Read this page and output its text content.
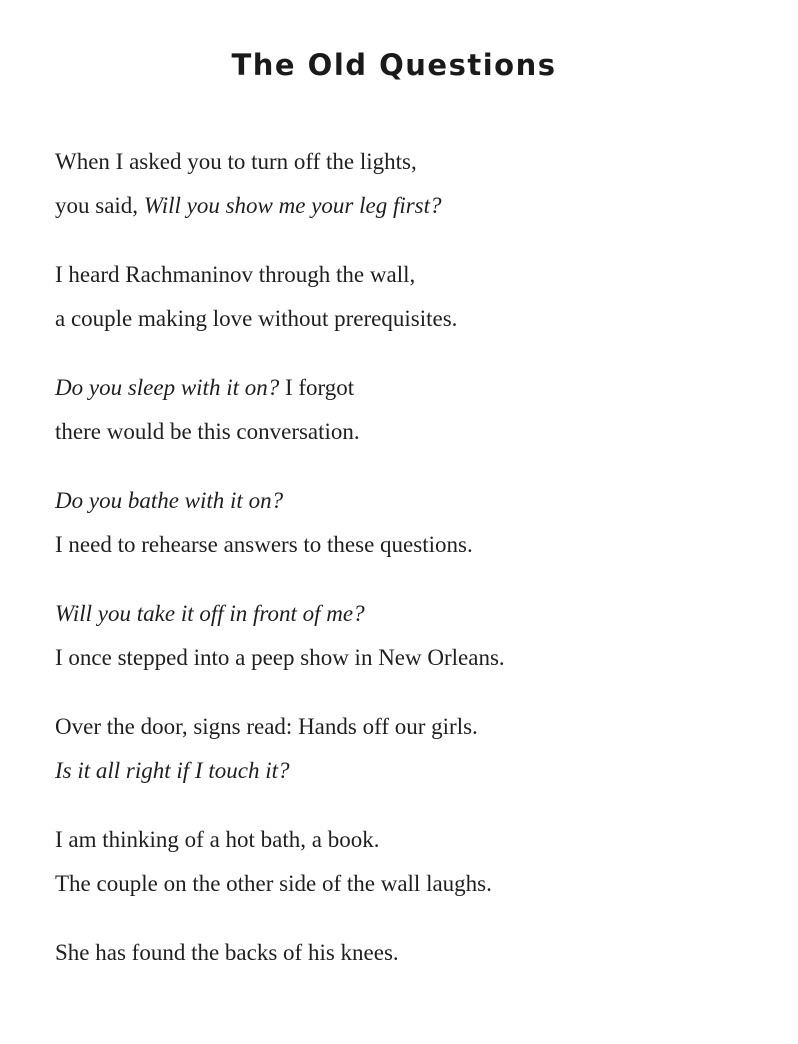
The Old Questions
When I asked you to turn off the lights,
you said, Will you show me your leg first?
I heard Rachmaninov through the wall,
a couple making love without prerequisites.
Do you sleep with it on? I forgot
there would be this conversation.
Do you bathe with it on?
I need to rehearse answers to these questions.
Will you take it off in front of me?
I once stepped into a peep show in New Orleans.
Over the door, signs read: Hands off our girls.
Is it all right if I touch it?
I am thinking of a hot bath, a book.
The couple on the other side of the wall laughs.
She has found the backs of his knees.
